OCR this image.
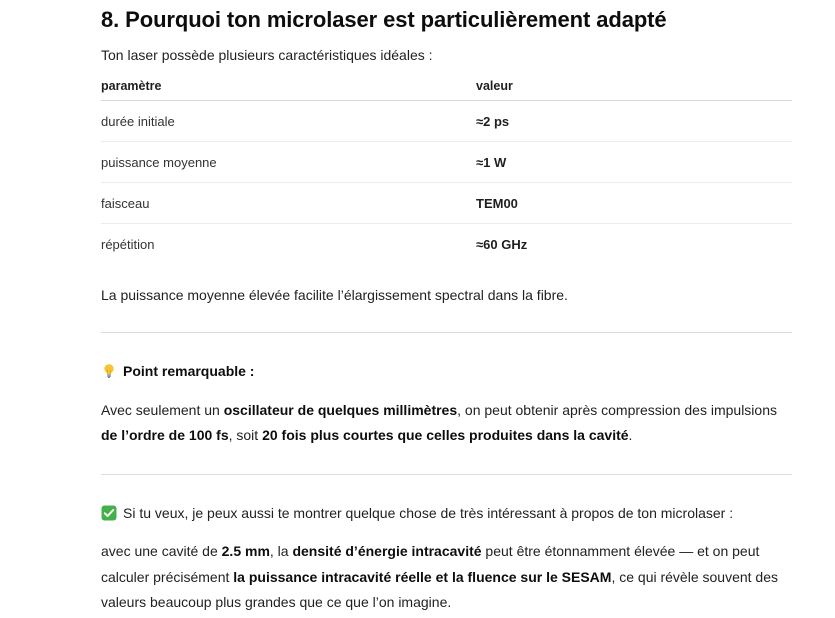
8. Pourquoi ton microlaser est particulièrement adapté
Ton laser possède plusieurs caractéristiques idéales :
paramètre	valeur
durée initiale	≈2 ps
puissance moyenne	≈1 W
faisceau	TEM00
répétition	≈60 GHz
La puissance moyenne élevée facilite l’élargissement spectral dans la fibre.
Point remarquable :
Avec seulement un oscillateur de quelques millimètres, on peut obtenir après compression des impulsions de l’ordre de 100 fs, soit 20 fois plus courtes que celles produites dans la cavité.
Si tu veux, je peux aussi te montrer quelque chose de très intéressant à propos de ton microlaser :
avec une cavité de 2.5 mm, la densité d’énergie intracavité peut être étonnamment élevée — et on peut calculer précisément la puissance intracavité réelle et la fluence sur le SESAM, ce qui révèle souvent des valeurs beaucoup plus grandes que ce que l’on imagine.
